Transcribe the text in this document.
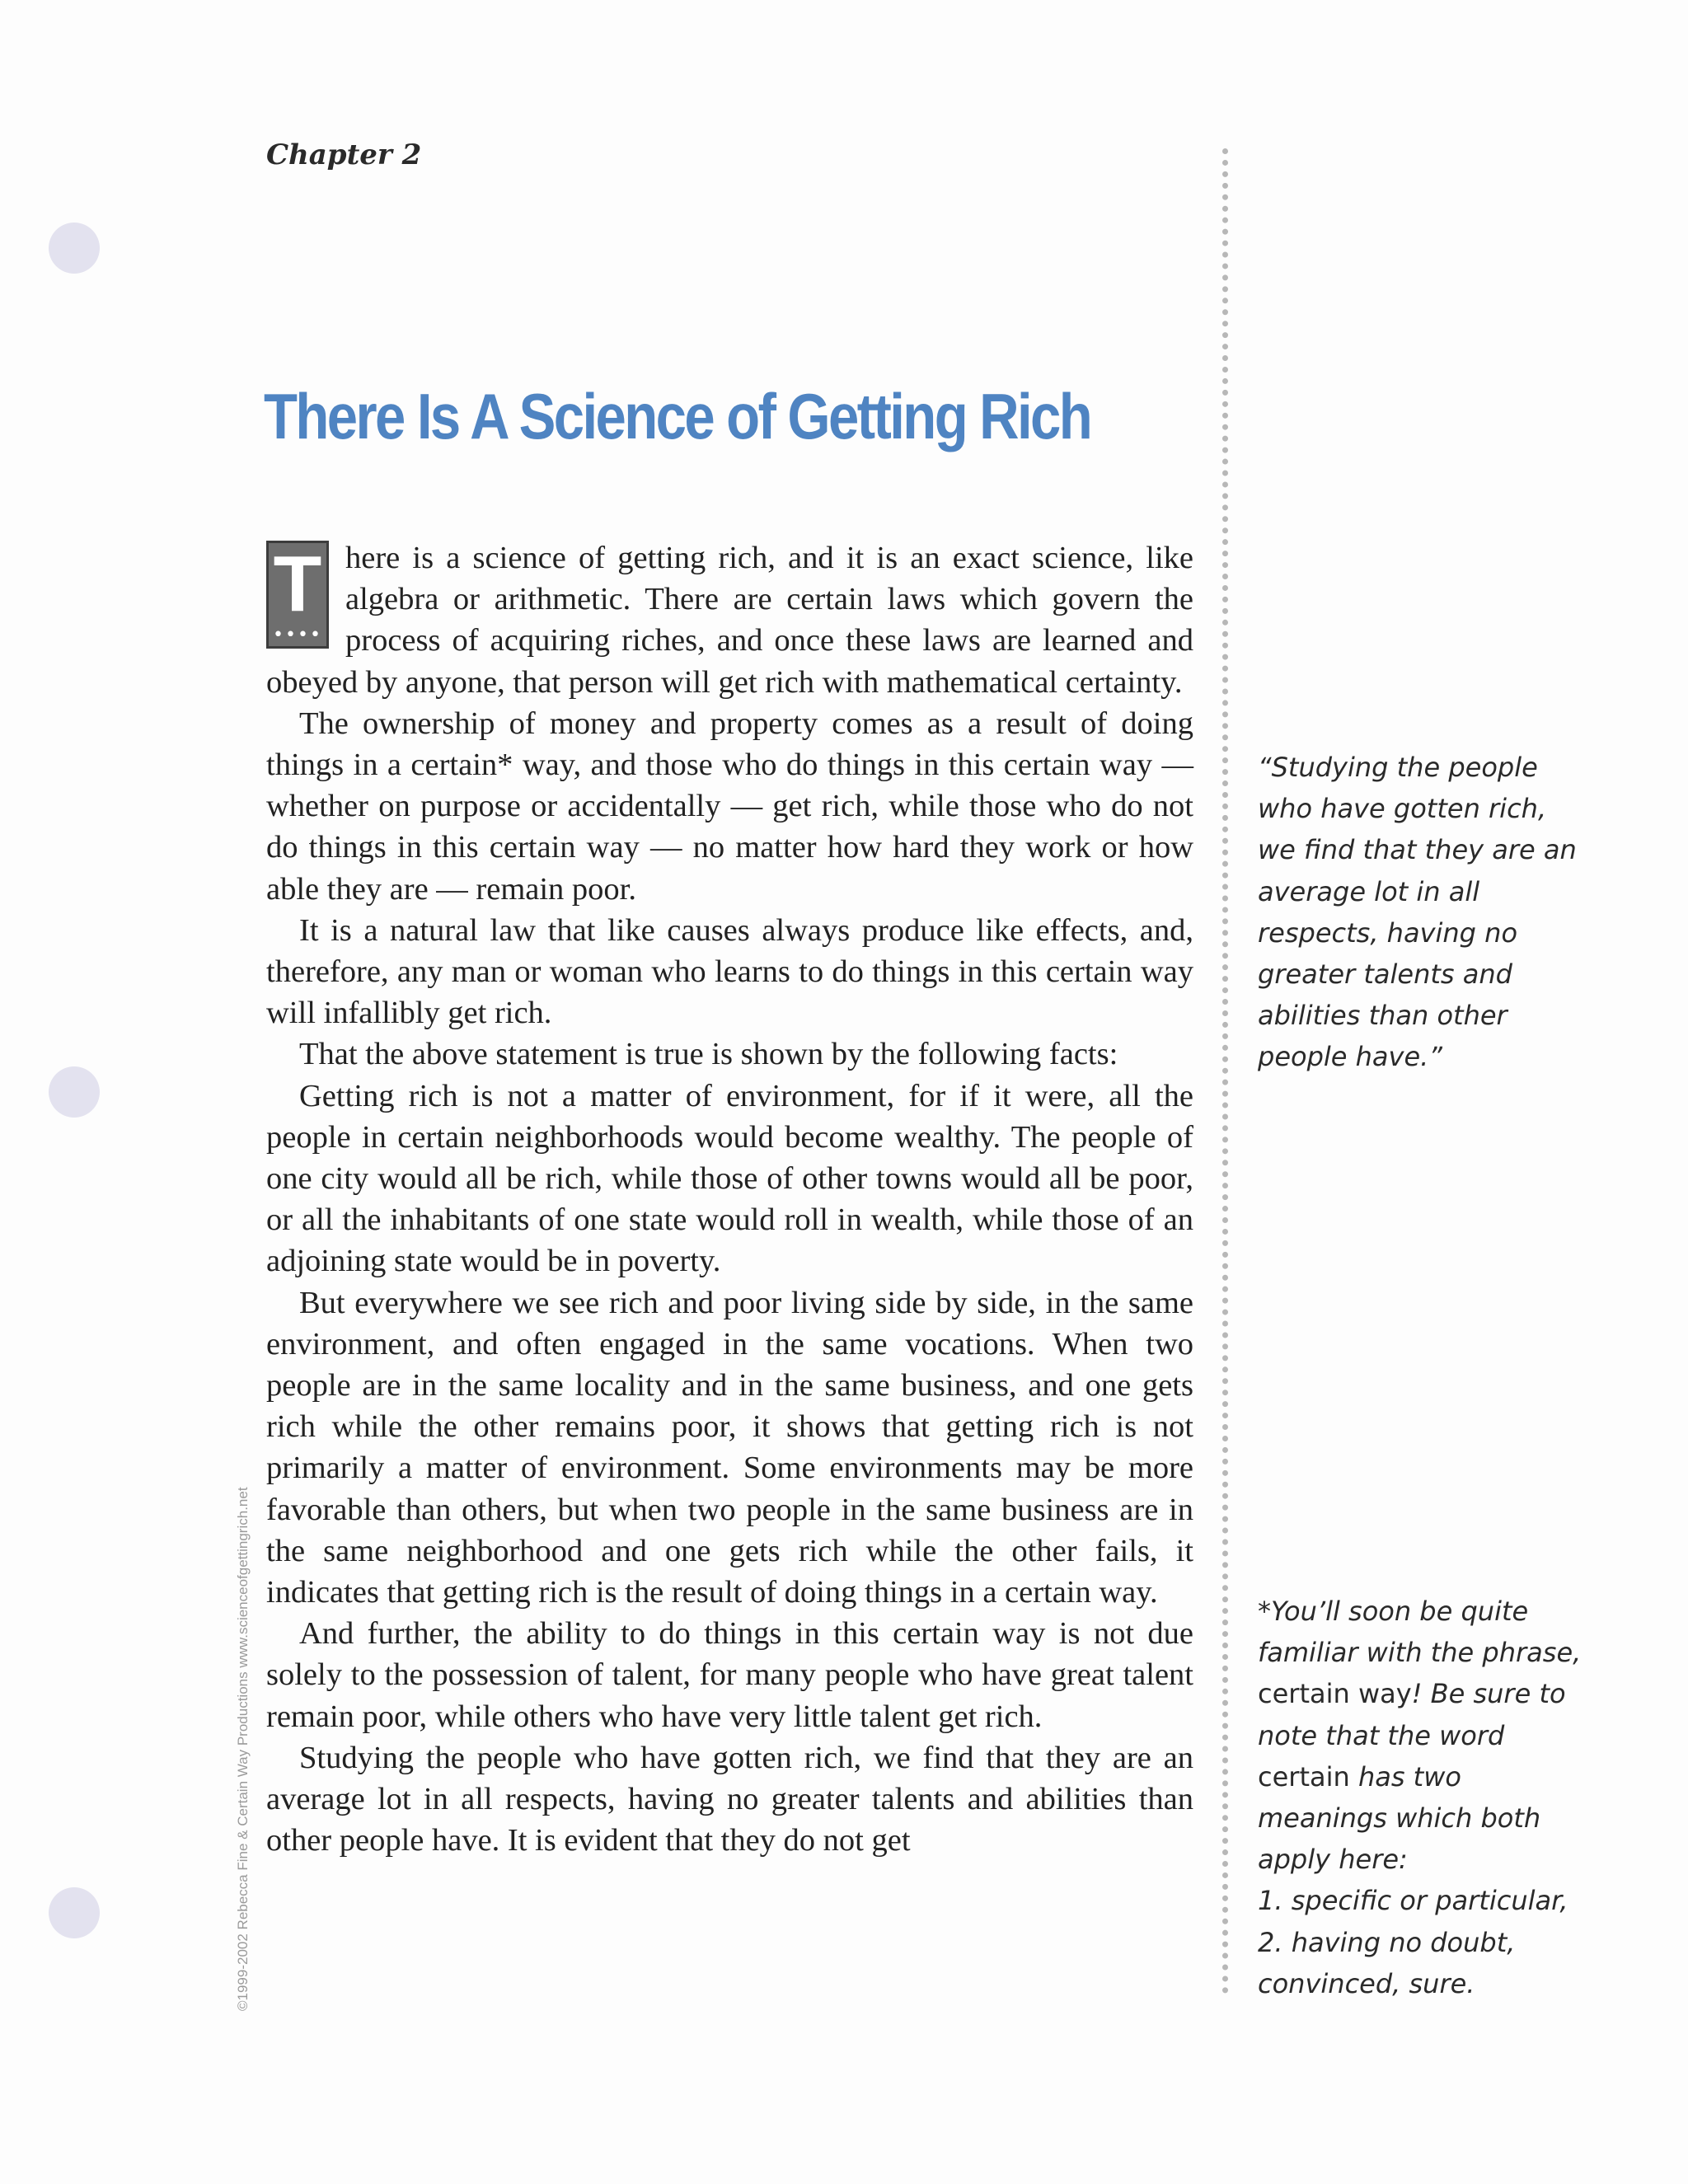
Chapter 2
There Is A Science of Getting Rich
©1999-2002 Rebecca Fine & Certain Way Productions www.scienceofgettingrich.net
T
••••

here is a science of getting rich, and it is an exact science, like algebra or arithmetic. There are certain laws which govern the process of acquiring riches, and once these laws are learned and obeyed by anyone, that person will get rich with mathematical certainty.

The ownership of money and property comes as a result of doing things in a certain* way, and those who do things in this certain way — whether on purpose or accidentally — get rich, while those who do not do things in this certain way — no matter how hard they work or how able they are — remain poor.

It is a natural law that like causes always produce like effects, and, therefore, any man or woman who learns to do things in this certain way will infallibly get rich.

That the above statement is true is shown by the following facts:

Getting rich is not a matter of environment, for if it were, all the people in certain neighborhoods would become wealthy. The people of one city would all be rich, while those of other towns would all be poor, or all the inhabitants of one state would roll in wealth, while those of an adjoining state would be in poverty.

But everywhere we see rich and poor living side by side, in the same environment, and often engaged in the same vocations. When two people are in the same locality and in the same business, and one gets rich while the other remains poor, it shows that getting rich is not primarily a matter of environment. Some environments may be more favorable than others, but when two people in the same business are in the same neighborhood and one gets rich while the other fails, it indicates that getting rich is the result of doing things in a certain way.

And further, the ability to do things in this certain way is not due solely to the possession of talent, for many people who have great talent remain poor, while others who have very little talent get rich.

Studying the people who have gotten rich, we find that they are an average lot in all respects, having no greater talents and abilities than other people have. It is evident that they do not get

“Studying the people
who have gotten rich,
we find that they are an
average lot in all
respects, having no
greater talents and
abilities than other
people have.”
*You’ll soon be quite
familiar with the phrase,
certain way! Be sure to
note that the word
certain has two
meanings which both
apply here:
1. specific or particular,
2. having no doubt,
convinced, sure.
